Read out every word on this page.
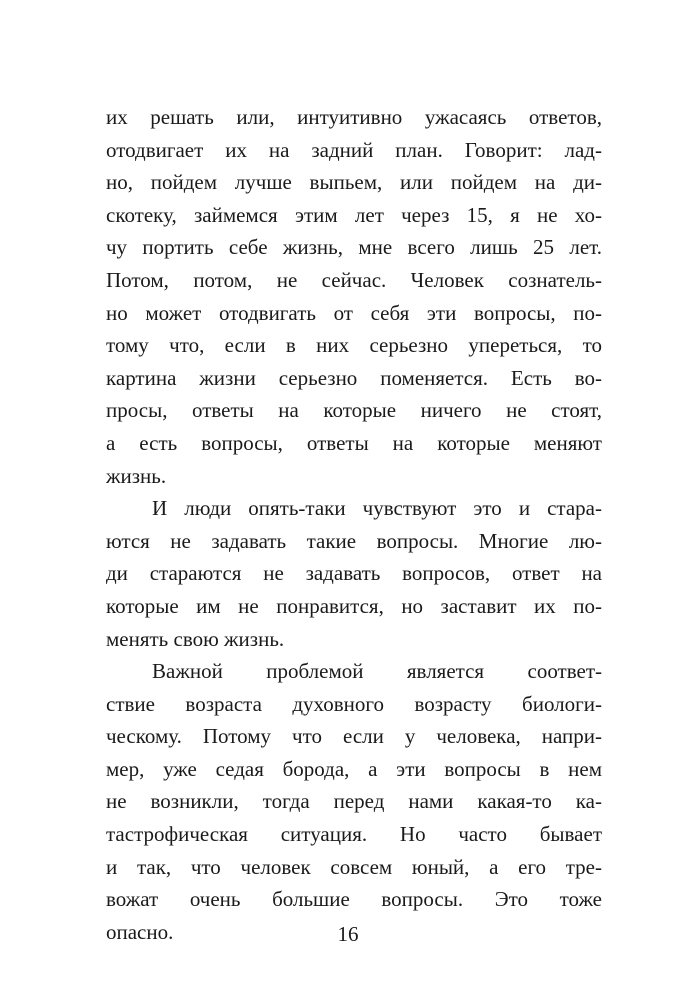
их решать или, интуитивно ужасаясь ответов,
отодвигает их на задний план. Говорит: лад-
но, пойдем лучше выпьем, или пойдем на ди-
скотеку, займемся этим лет через 15, я не хо-
чу портить себе жизнь, мне всего лишь 25 лет.
Потом, потом, не сейчас. Человек сознатель-
но может отодвигать от себя эти вопросы, по-
тому что, если в них серьезно упереться, то
картина жизни серьезно поменяется. Есть во-
просы, ответы на которые ничего не стоят,
а есть вопросы, ответы на которые меняют
жизнь.
И люди опять-таки чувствуют это и стара-
ются не задавать такие вопросы. Многие лю-
ди стараются не задавать вопросов, ответ на
которые им не понравится, но заставит их по-
менять свою жизнь.
Важной проблемой является соответ-
ствие возраста духовного возрасту биологи-
ческому. Потому что если у человека, напри-
мер, уже седая борода, а эти вопросы в нем
не возникли, тогда перед нами какая-то ка-
тастрофическая ситуация. Но часто бывает
и так, что человек совсем юный, а его тре-
вожат очень большие вопросы. Это тоже
опасно.	16
